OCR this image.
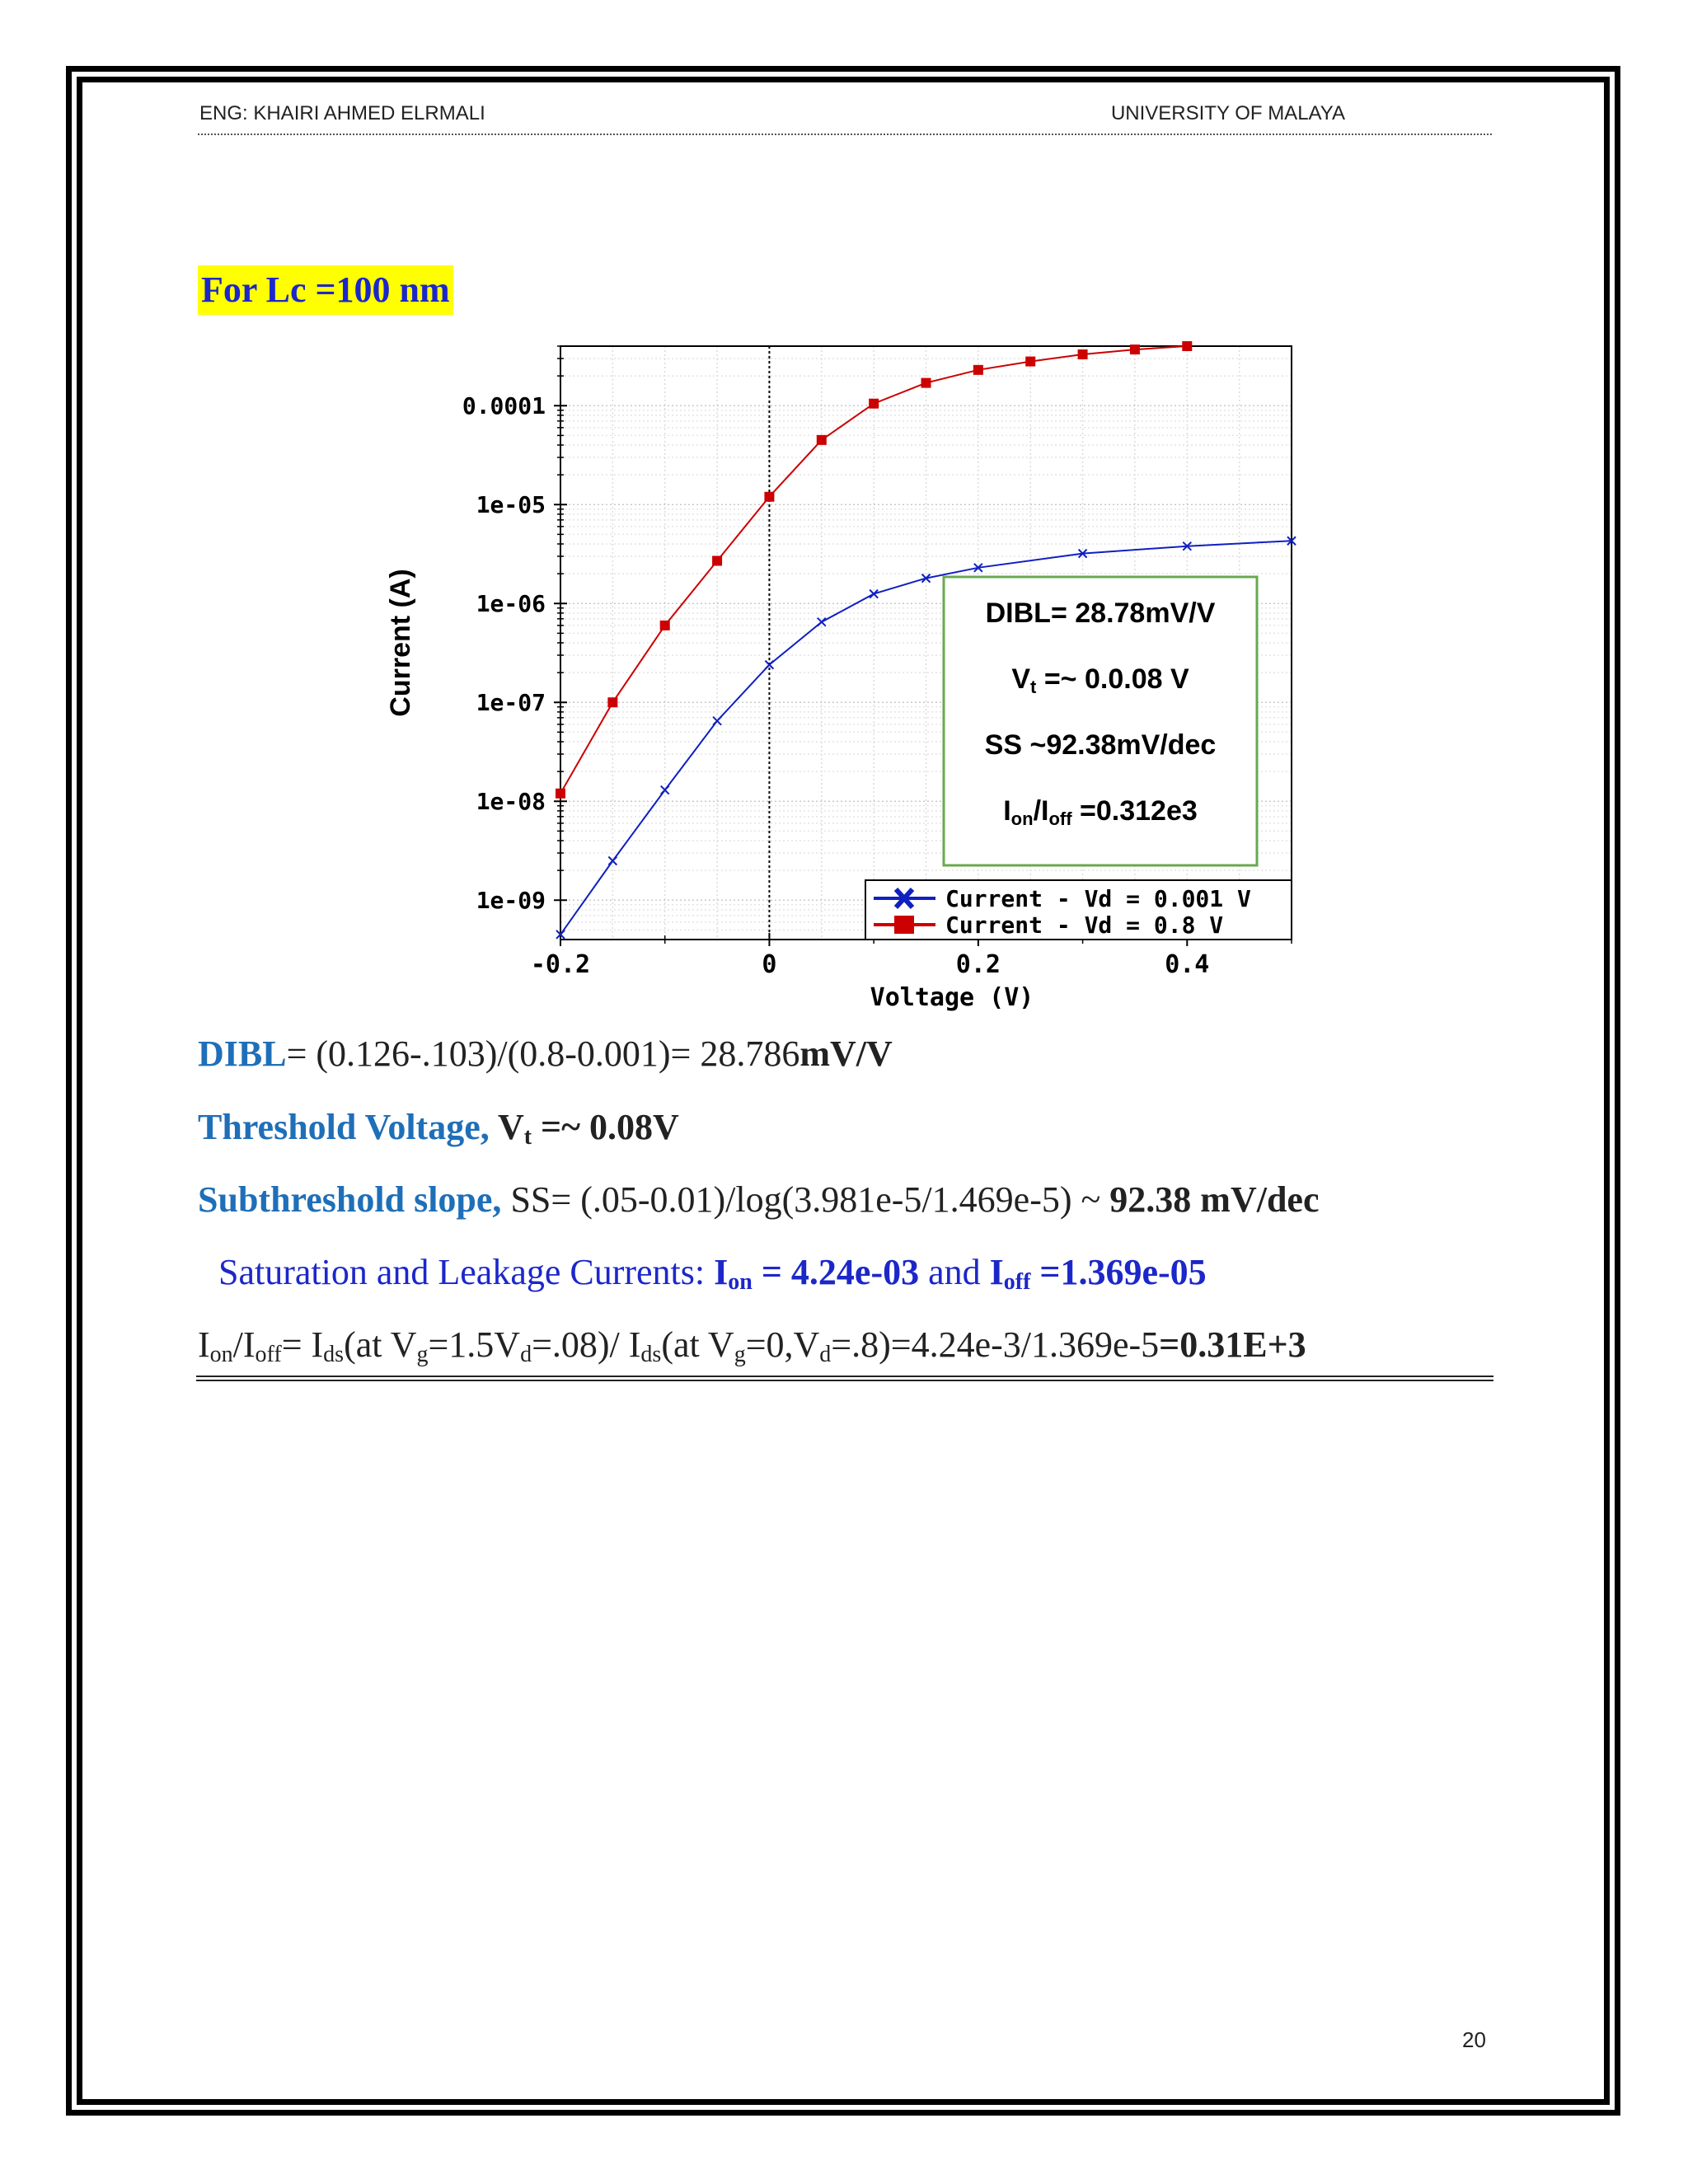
ENG: KHAIRI AHMED ELRMALI	UNIVERSITY OF MALAYA
For Lc =100 nm
0.0001
1e-05
1e-06
1e-07
1e-08
1e-09
-0.2	0	0.2	0.4
Voltage (V)
Current (A)	DIBL= 28.78mV/V
Vt =~ 0.0.08 V
SS ~92.38mV/dec
Ion/Ioff =0.312e3
Current - Vd = 0.001 V
Current - Vd = 0.8 V
DIBL= (0.126-.103)/(0.8-0.001)= 28.786mV/V
Threshold Voltage, $V_t$ =~ 0.08V
Subthreshold slope, SS= (.05-0.01)/log(3.981e-5/1.469e-5) ~ 92.38 mV/dec
Saturation and Leakage Currents: $I_{on} = 4.24e-03$ and $I_{off} =1.369e-05$
$I_{on}/I_{off}= I_{ds}(at$ $V_g=1.5V_d=.08)/$ $I_{ds}(at$ $V_g=0,V_d=.8)=4.24e-3/1.369e-5=0.31E+3$
20
